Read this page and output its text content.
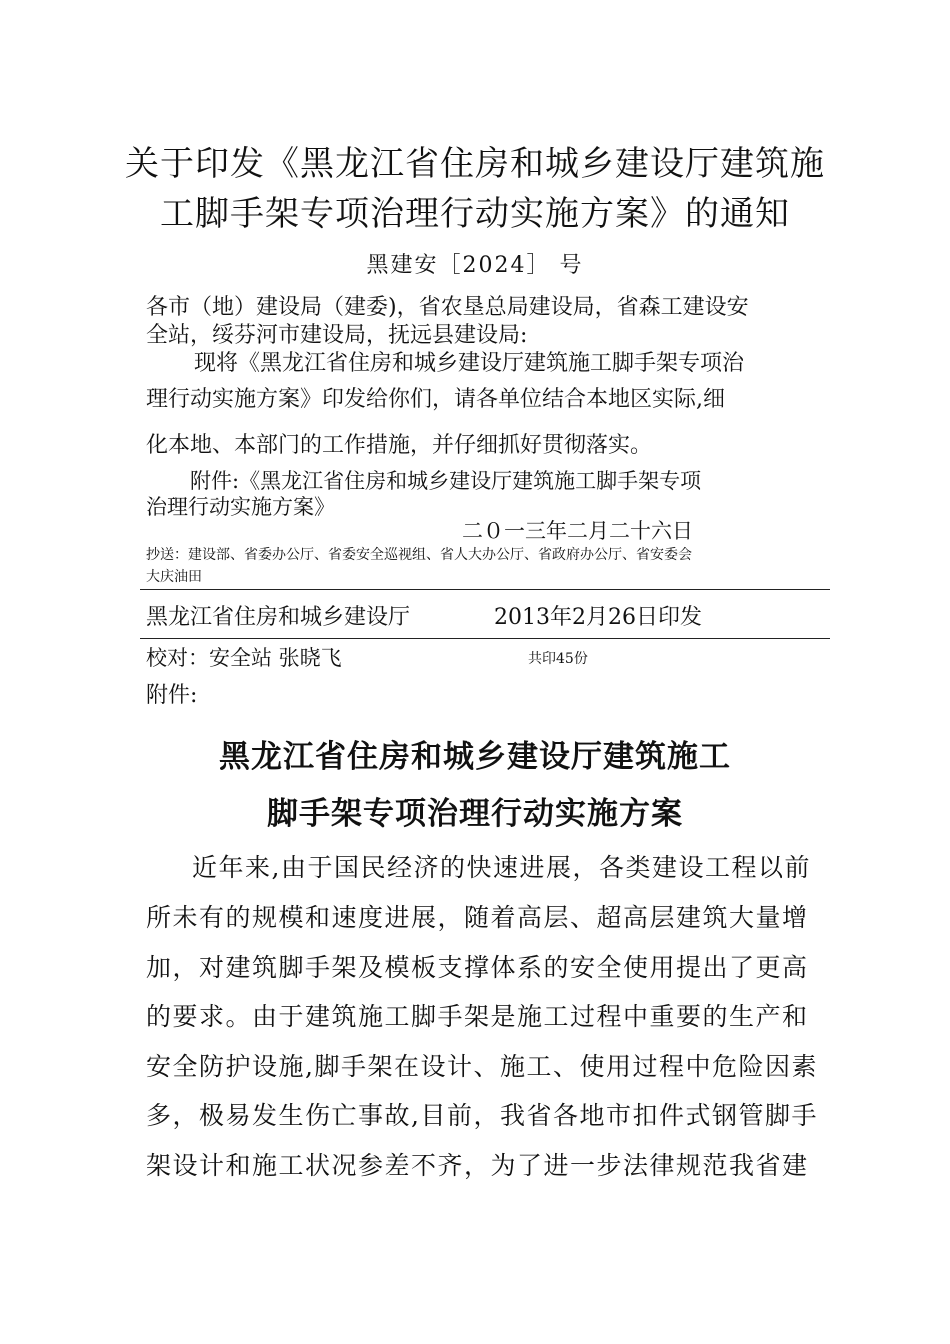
关于印发《黑龙江省住房和城乡建设厅建筑施
工脚手架专项治理行动实施方案》的通知
黑建安［2024］ 号
各市（地）建设局（建委)，省农垦总局建设局，省森工建设安
全站，绥芬河市建设局，抚远县建设局:
现将《黑龙江省住房和城乡建设厅建筑施工脚手架专项治
理行动实施方案》印发给你们，请各单位结合本地区实际,细
化本地、本部门的工作措施，并仔细抓好贯彻落实。
附件:《黑龙江省住房和城乡建设厅建筑施工脚手架专项
治理行动实施方案》
二０一三年二月二十六日
抄送：建设部、省委办公厅、省委安全巡视组、省人大办公厅、省政府办公厅、省安委会
大庆油田
黑龙江省住房和城乡建设厅	2013年2月26日印发
校对：安全站 张晓飞	共印45份
附件:
黑龙江省住房和城乡建设厅建筑施工
脚手架专项治理行动实施方案
近年来,由于国民经济的快速进展，各类建设工程以前
所未有的规模和速度进展，随着高层、超高层建筑大量增
加，对建筑脚手架及模板支撑体系的安全使用提出了更高
的要求。由于建筑施工脚手架是施工过程中重要的生产和
安全防护设施,脚手架在设计、施工、使用过程中危险因素
多，极易发生伤亡事故,目前，我省各地市扣件式钢管脚手
架设计和施工状况参差不齐，为了进一步法律规范我省建
